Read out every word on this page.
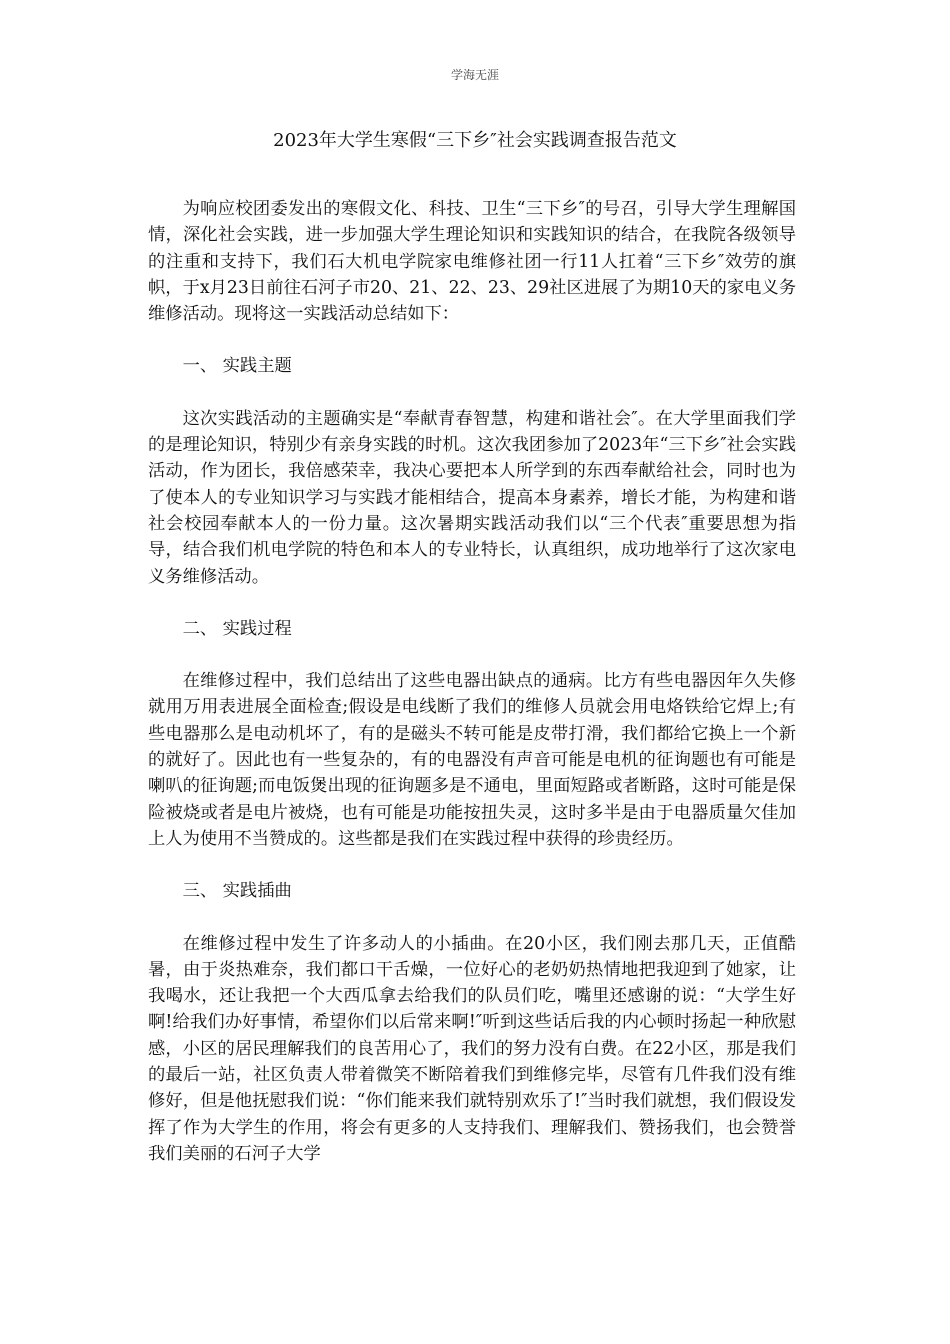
学海无涯
2023年大学生寒假“三下乡″社会实践调查报告范文

为响应校团委发出的寒假文化、科技、卫生“三下乡″的号召，引导大学生理解国情，深化社会实践，进一步加强大学生理论知识和实践知识的结合，在我院各级领导的注重和支持下，我们石大机电学院家电维修社团一行11人扛着“三下乡″效劳的旗帜，于x月23日前往石河子市20、21、22、23、29社区进展了为期10天的家电义务维修活动。现将这一实践活动总结如下：

一、 实践主题

这次实践活动的主题确实是“奉献青春智慧，构建和谐社会″。在大学里面我们学的是理论知识，特别少有亲身实践的时机。这次我团参加了2023年“三下乡″社会实践活动，作为团长，我倍感荣幸，我决心要把本人所学到的东西奉献给社会，同时也为了使本人的专业知识学习与实践才能相结合，提高本身素养，增长才能，为构建和谐社会校园奉献本人的一份力量。这次暑期实践活动我们以“三个代表″重要思想为指导，结合我们机电学院的特色和本人的专业特长，认真组织，成功地举行了这次家电义务维修活动。

二、 实践过程

在维修过程中，我们总结出了这些电器出缺点的通病。比方有些电器因年久失修就用万用表进展全面检查;假设是电线断了我们的维修人员就会用电烙铁给它焊上;有些电器那么是电动机坏了，有的是磁头不转可能是皮带打滑，我们都给它换上一个新的就好了。因此也有一些复杂的，有的电器没有声音可能是电机的征询题也有可能是喇叭的征询题;而电饭煲出现的征询题多是不通电，里面短路或者断路，这时可能是保险被烧或者是电片被烧，也有可能是功能按扭失灵，这时多半是由于电器质量欠佳加上人为使用不当赞成的。这些都是我们在实践过程中获得的珍贵经历。

三、 实践插曲

在维修过程中发生了许多动人的小插曲。在20小区，我们刚去那几天，正值酷暑，由于炎热难奈，我们都口干舌燥，一位好心的老奶奶热情地把我迎到了她家，让我喝水，还让我把一个大西瓜拿去给我们的队员们吃，嘴里还感谢的说：“大学生好啊!给我们办好事情，希望你们以后常来啊!″听到这些话后我的内心顿时扬起一种欣慰感，小区的居民理解我们的良苦用心了，我们的努力没有白费。在22小区，那是我们的最后一站，社区负责人带着微笑不断陪着我们到维修完毕，尽管有几件我们没有维修好，但是他抚慰我们说：“你们能来我们就特别欢乐了!″当时我们就想，我们假设发挥了作为大学生的作用，将会有更多的人支持我们、理解我们、赞扬我们，也会赞誉我们美丽的石河子大学
